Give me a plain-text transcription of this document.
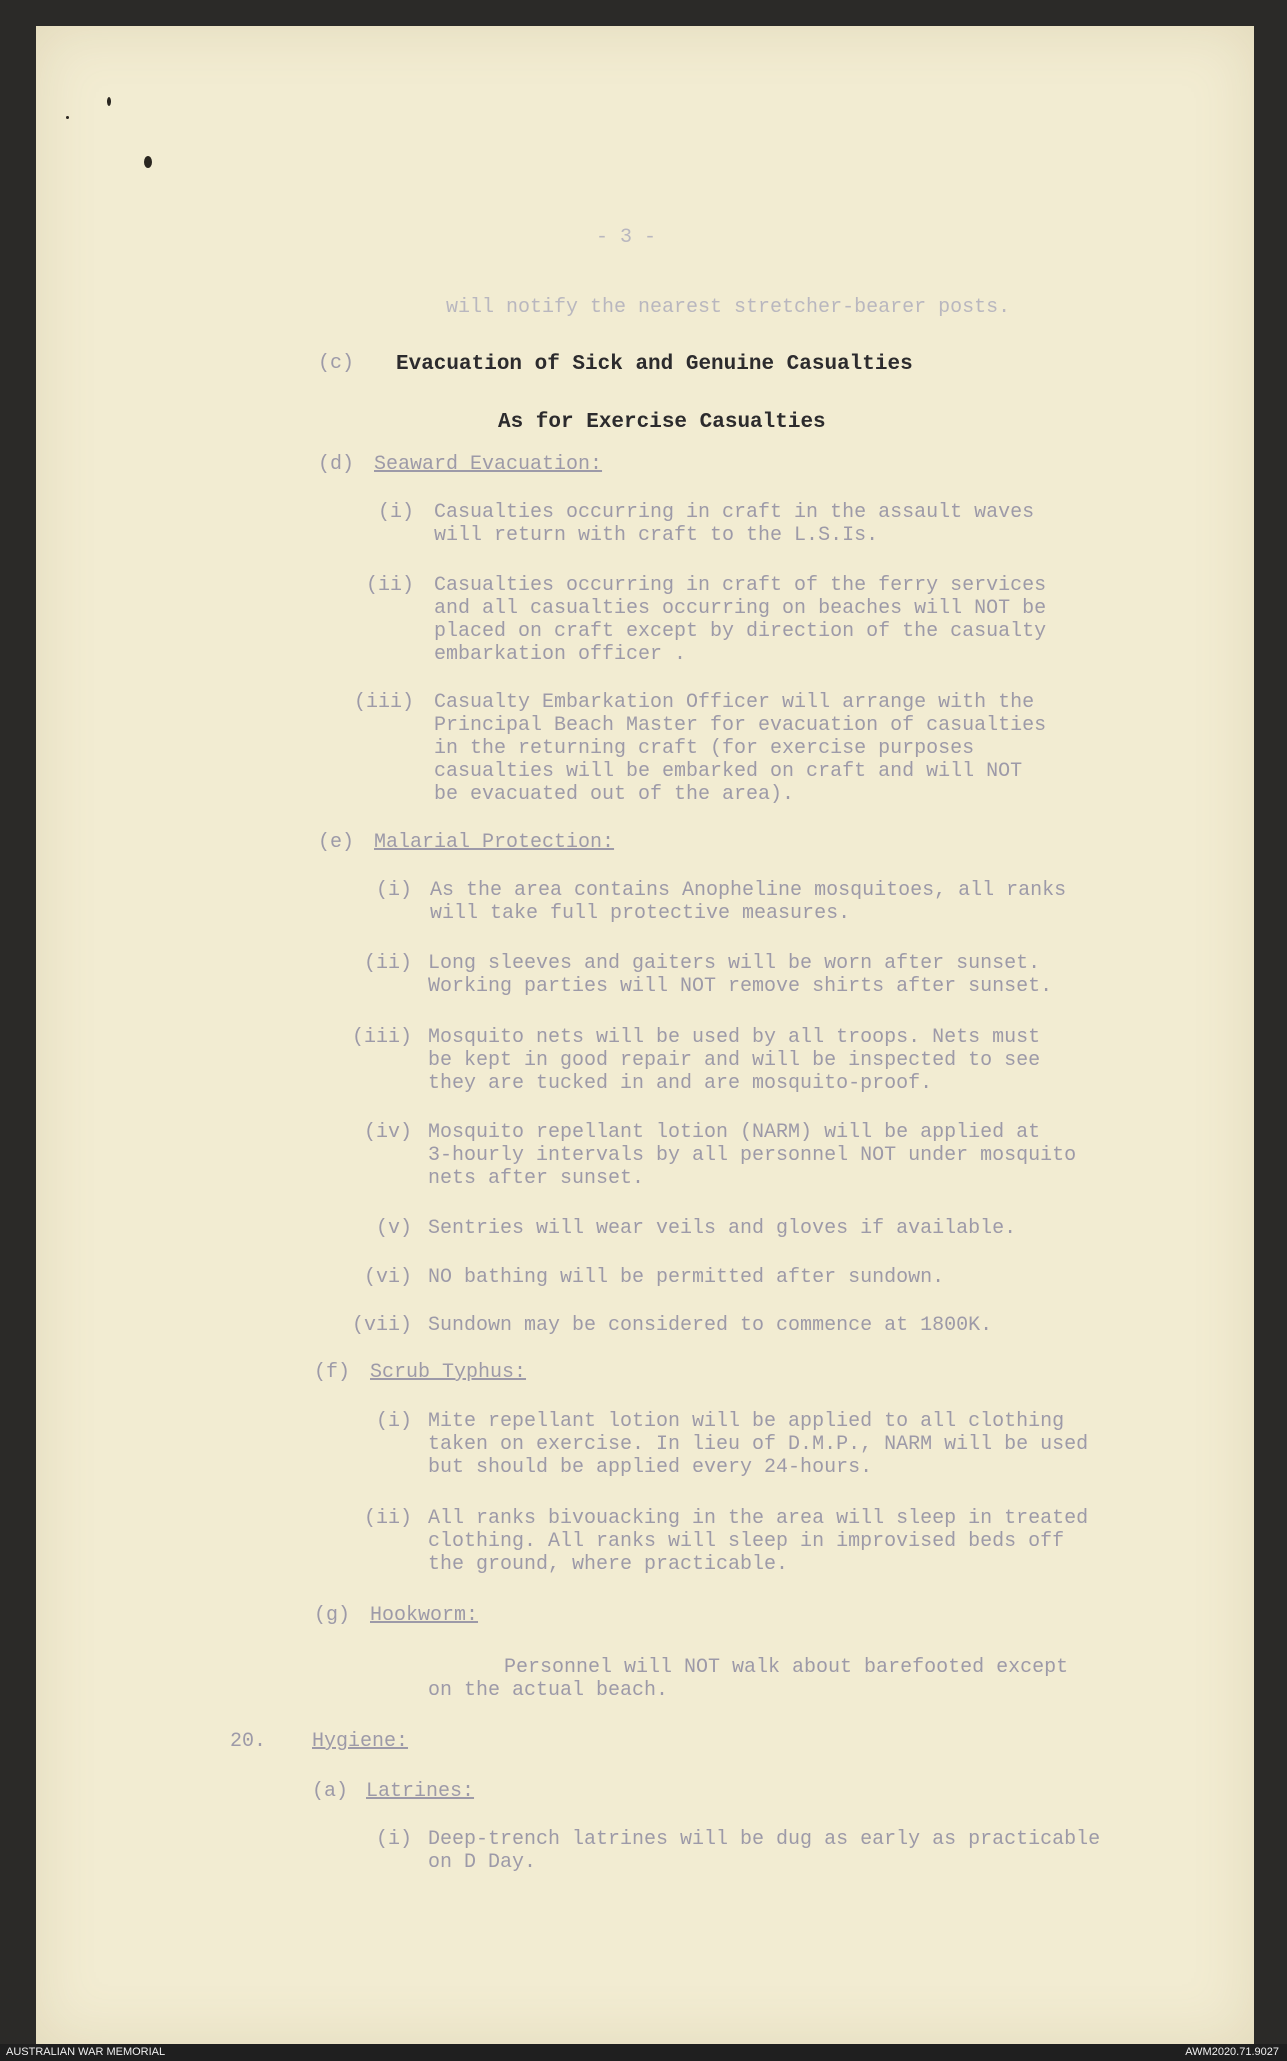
- 3 -

will notify the nearest stretcher-bearer posts.

(c) Evacuation of Sick and Genuine Casualties

As for Exercise Casualties

(d) Seaward Evacuation:

(i) Casualties occurring in craft in the assault waves

will return with craft to the L.S.Is.

(ii) Casualties occurring in craft of the ferry services

and all casualties occurring on beaches will NOT be

placed on craft except by direction of the casualty

embarkation officer .

(iii) Casualty Embarkation Officer will arrange with the

Principal Beach Master for evacuation of casualties

in the returning craft (for exercise purposes

casualties will be embarked on craft and will NOT

be evacuated out of the area).

(e) Malarial Protection:

(i) As the area contains Anopheline mosquitoes, all ranks

will take full protective measures.

(ii) Long sleeves and gaiters will be worn after sunset.

Working parties will NOT remove shirts after sunset.

(iii) Mosquito nets will be used by all troops. Nets must

be kept in good repair and will be inspected to see

they are tucked in and are mosquito-proof.

(iv) Mosquito repellant lotion (NARM) will be applied at

3-hourly intervals by all personnel NOT under mosquito

nets after sunset.

(v) Sentries will wear veils and gloves if available.

(vi) NO bathing will be permitted after sundown.

(vii) Sundown may be considered to commence at 1800K.

(f) Scrub Typhus:

(i) Mite repellant lotion will be applied to all clothing

taken on exercise. In lieu of D.M.P., NARM will be used

but should be applied every 24-hours.

(ii) All ranks bivouacking in the area will sleep in treated

clothing. All ranks will sleep in improvised beds off

the ground, where practicable.

(g) Hookworm:

Personnel will NOT walk about barefooted except

on the actual beach.

20. Hygiene:

(a) Latrines:

(i) Deep-trench latrines will be dug as early as practicable

on D Day.

AUSTRALIAN WAR MEMORIAL	AWM2020.71.9027
